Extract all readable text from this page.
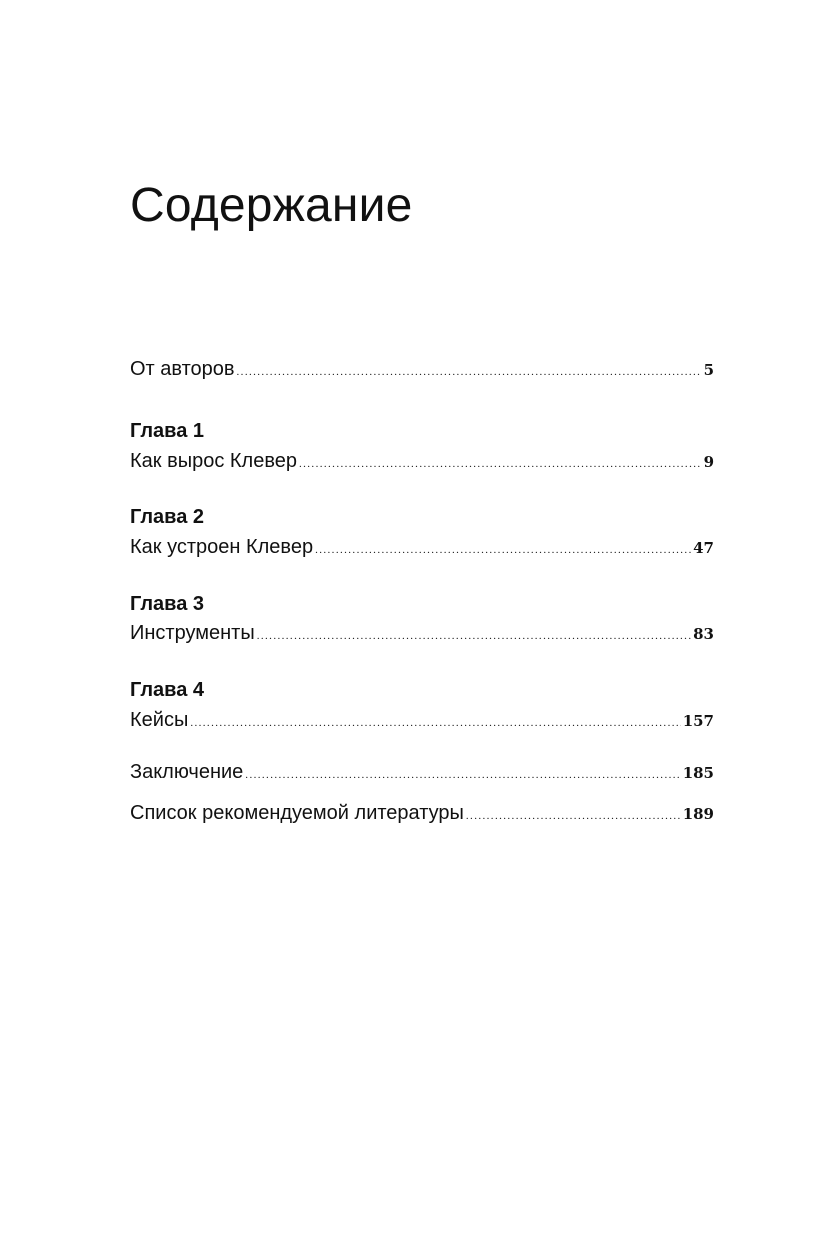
Содержание
От авторов .....	5
Глава 1
Как вырос Клевер .....	9
Глава 2
Как устроен Клевер .....	47
Глава 3
Инструменты .....	83
Глава 4
Кейсы .....	157
Заключение .....	185
Список рекомендуемой литературы .....	189
